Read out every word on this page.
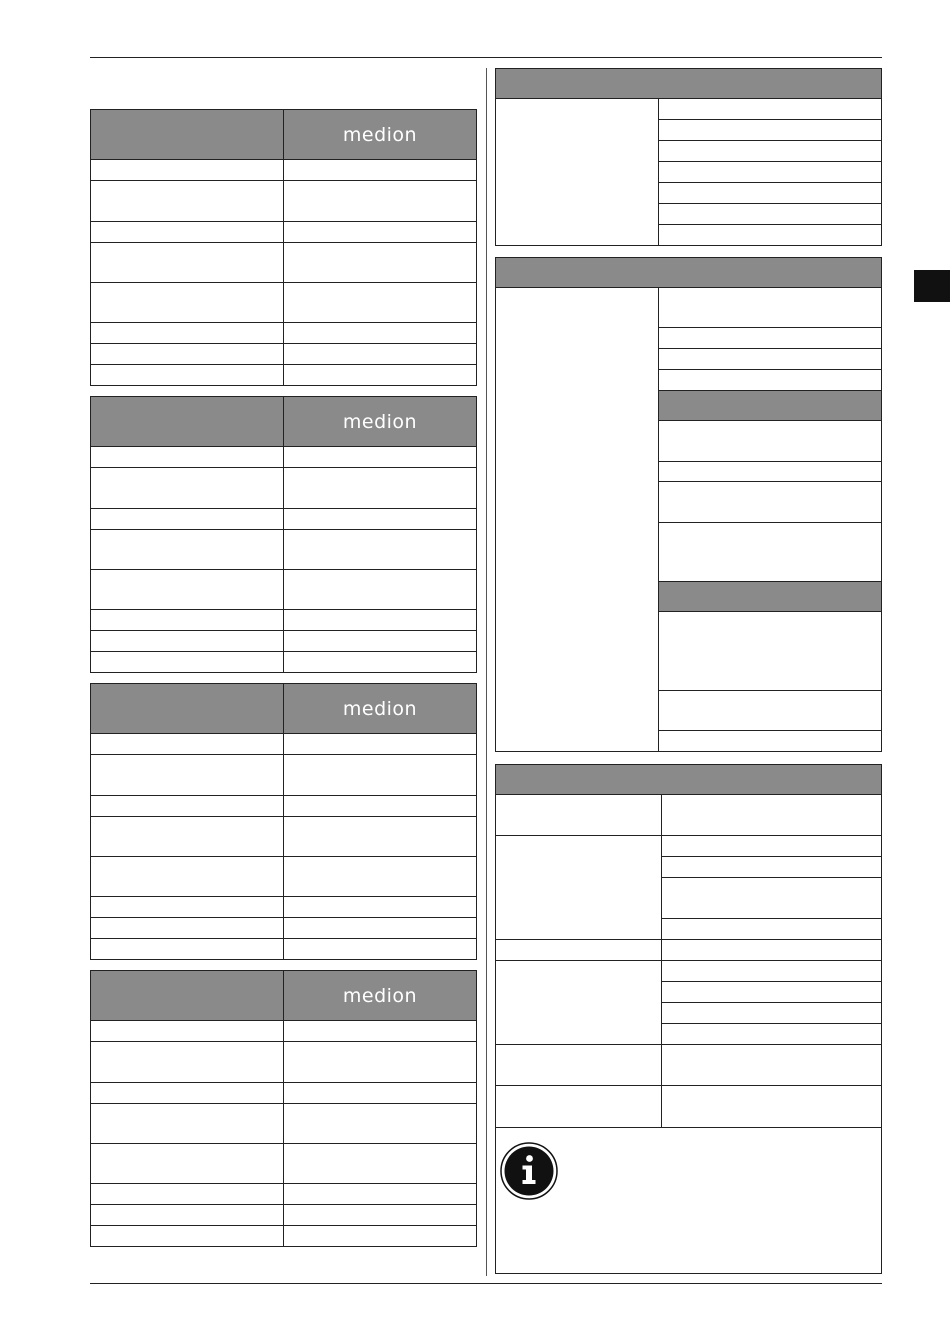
medion
medion
medion
medion
